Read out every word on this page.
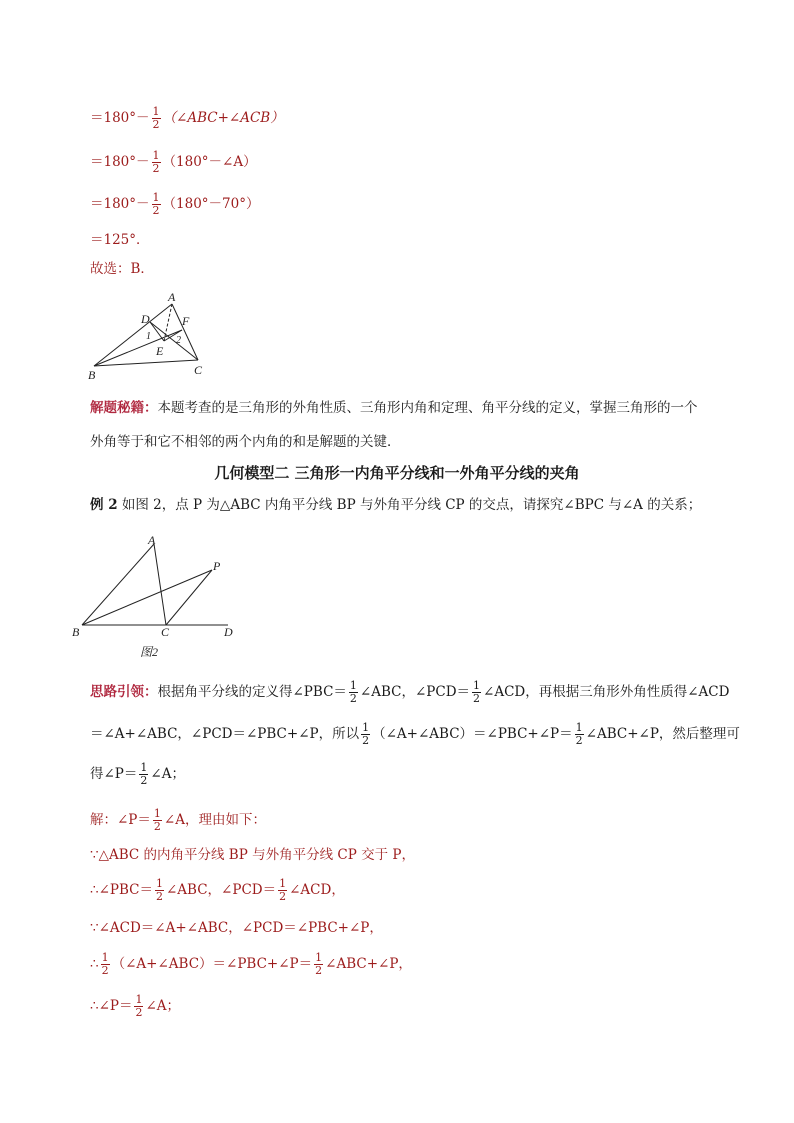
$=180^\circ- \frac{1}{2}$ （∠ABC+∠ACB）
$=180^\circ- \frac{1}{2}$ （180°－∠A）
$=180^\circ- \frac{1}{2} (180^\circ-70^\circ)$
＝125°．
故选：B．
A
D	F
1	2
E
B	C
解题秘籍：本题考查的是三角形的外角性质、三角形内角和定理、角平分线的定义，掌握三角形的一个
外角等于和它不相邻的两个内角的和是解题的关键．
几何模型二 三角形一内角平分线和一外角平分线的夹角
例 2 如图 2，点 P 为△ABC 内角平分线 BP 与外角平分线 CP 的交点，请探究∠BPC 与∠A 的关系；
A
P
B	C	D
图2
思路引领：根据角平分线的定义得∠PBC＝ $\frac{1}{2}$ ∠ABC，∠PCD＝ $\frac{1}{2}$ ∠ACD，再根据三角形外角性质得∠ACD
＝∠A+∠ABC，∠PCD＝∠PBC+∠P，所以 $\frac{1}{2}$ （∠A+∠ABC）＝∠PBC+∠P＝ $\frac{1}{2}$ ∠ABC+∠P，然后整理可
得∠P＝ $\frac{1}{2}$ ∠A；
解：∠P＝ $\frac{1}{2}$ ∠A，理由如下：
∵△ABC 的内角平分线 BP 与外角平分线 CP 交于 P，
∴∠PBC＝ $\frac{1}{2}$ ∠ABC，∠PCD＝ $\frac{1}{2}$ ∠ACD，
∵∠ACD＝∠A+∠ABC，∠PCD＝∠PBC+∠P，
∴ $\frac{1}{2}$ （∠A+∠ABC）＝∠PBC+∠P＝ $\frac{1}{2}$ ∠ABC+∠P，
∴∠P＝ $\frac{1}{2}$ ∠A；
